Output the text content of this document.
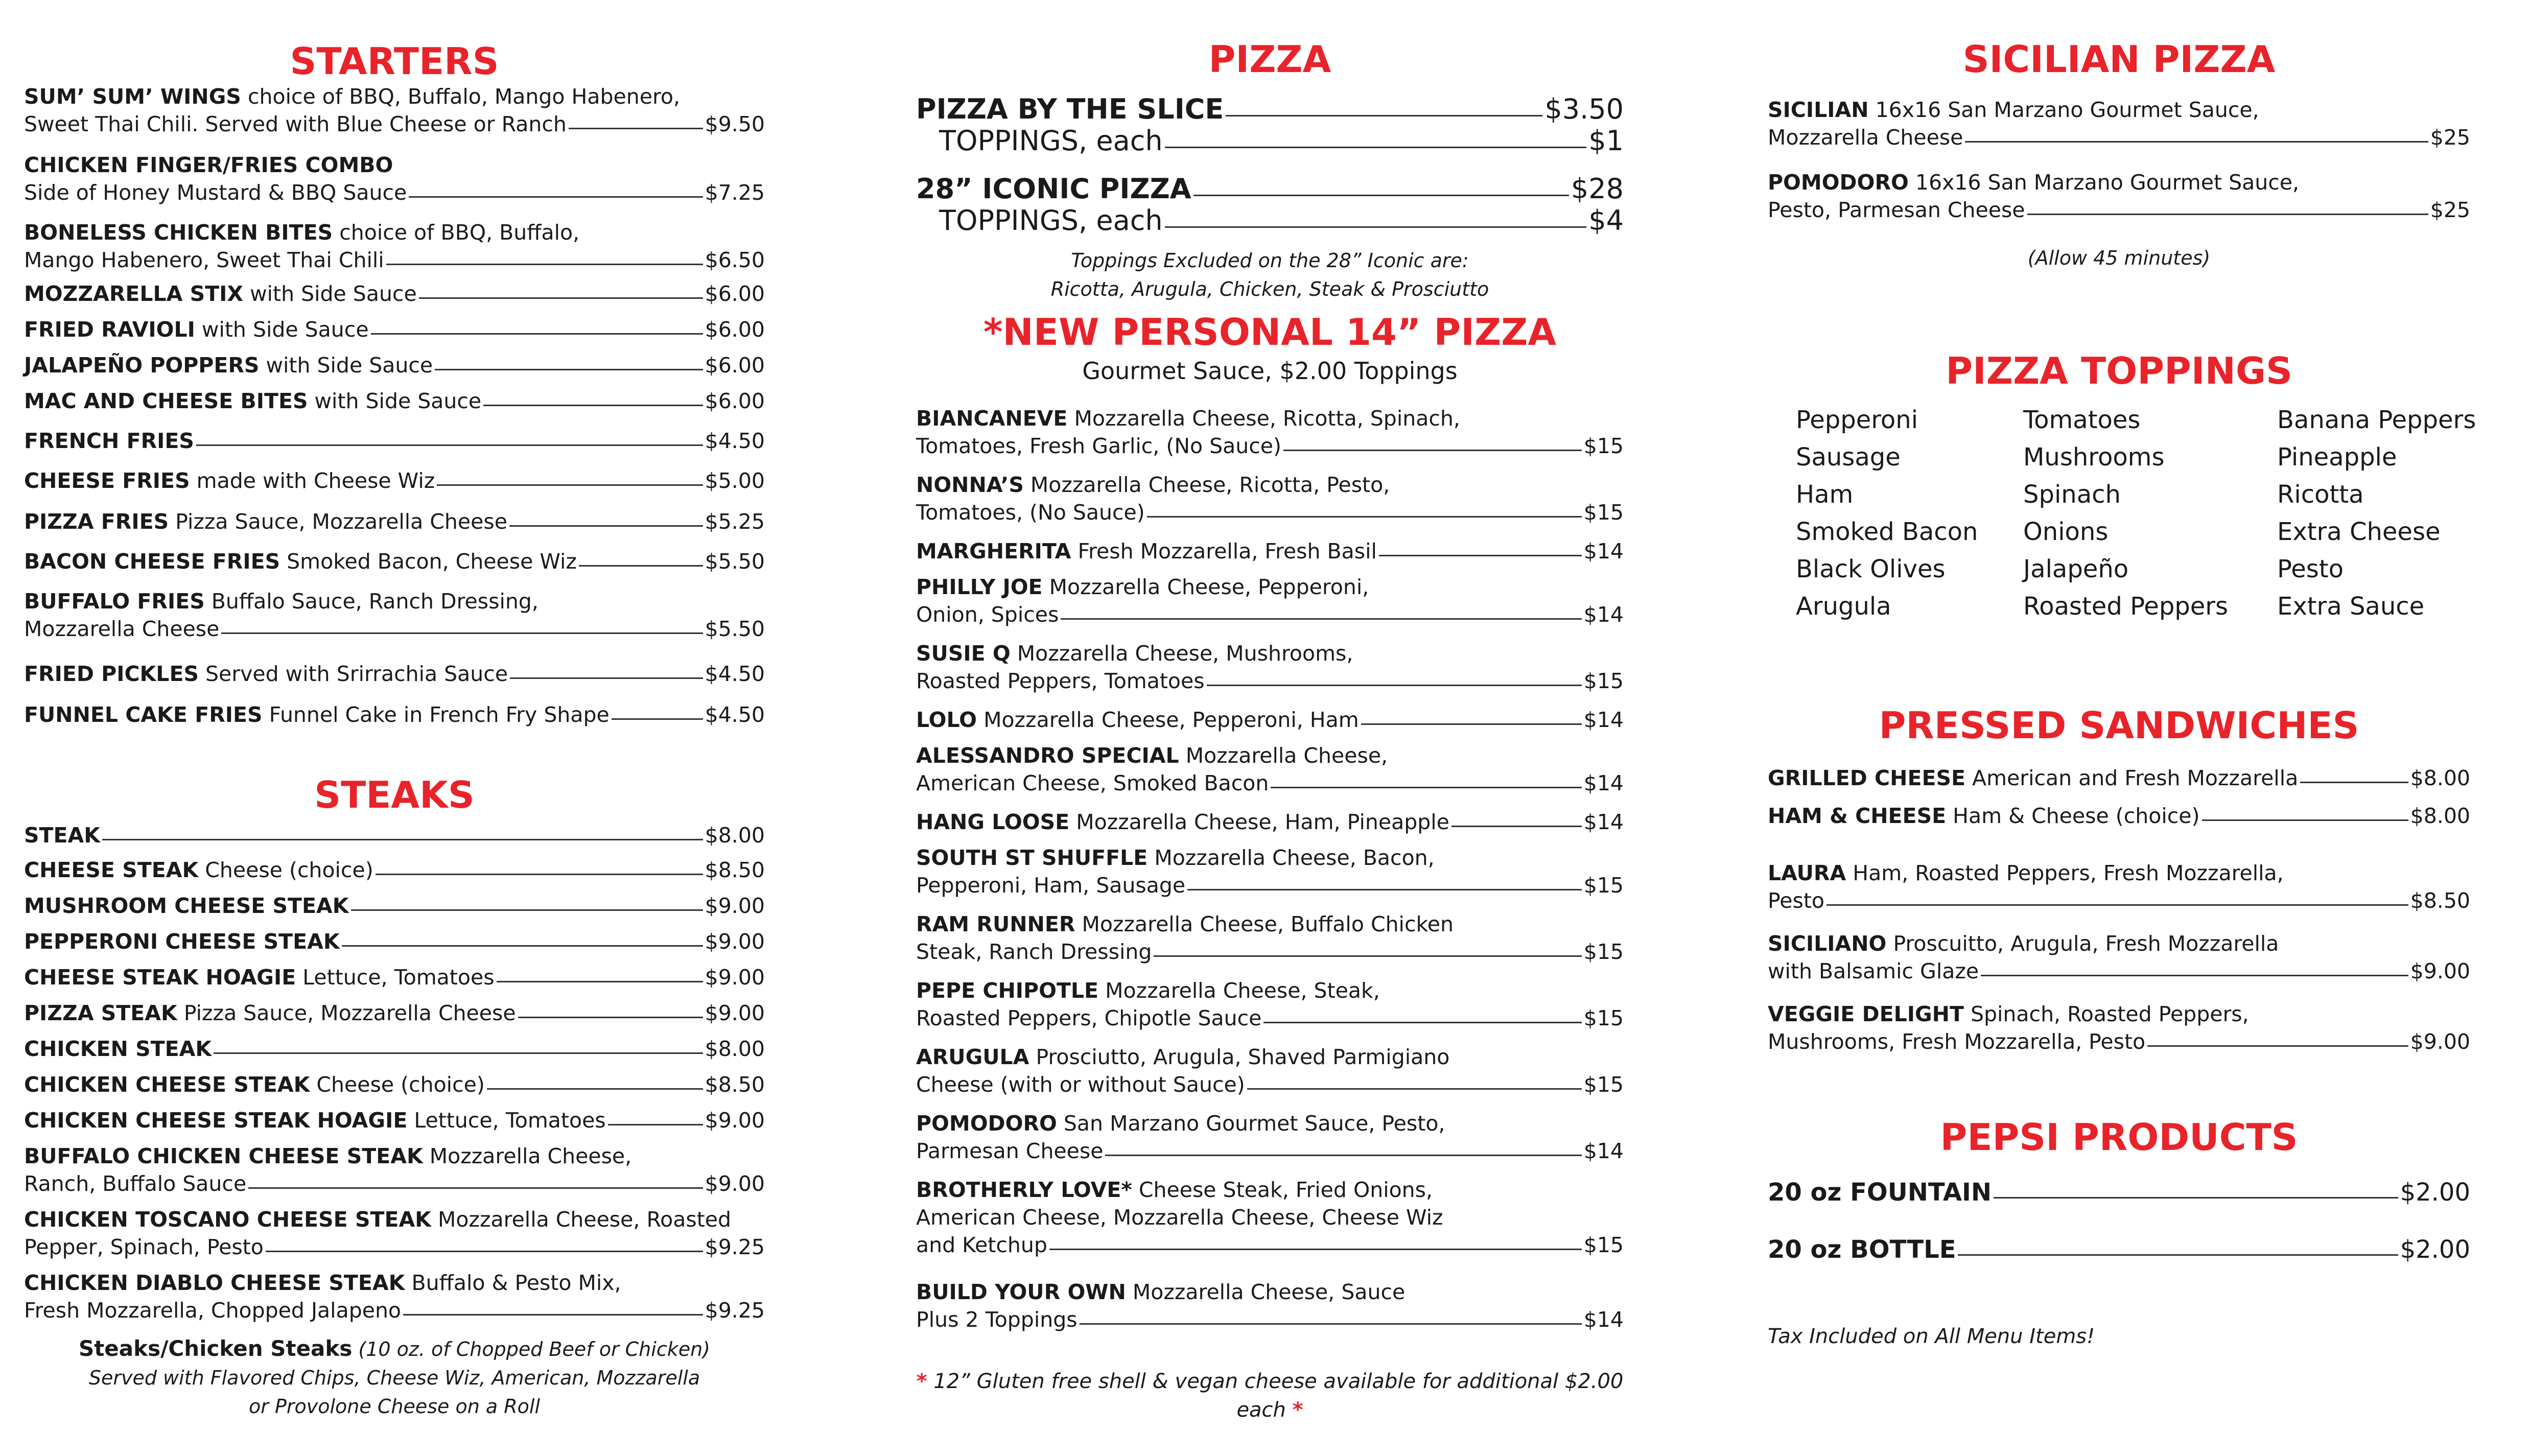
STARTERS
SUM’ SUM’ WINGS choice of BBQ, Buffalo, Mango Habenero,
Sweet Thai Chili. Served with Blue Cheese or Ranch	$9.50
CHICKEN FINGER/FRIES COMBO
Side of Honey Mustard & BBQ Sauce	$7.25
BONELESS CHICKEN BITES choice of BBQ, Buffalo,
Mango Habenero, Sweet Thai Chili	$6.50
MOZZARELLA STIX with Side Sauce	$6.00
FRIED RAVIOLI with Side Sauce	$6.00
JALAPEÑO POPPERS with Side Sauce	$6.00
MAC AND CHEESE BITES with Side Sauce	$6.00
FRENCH FRIES	$4.50
CHEESE FRIES made with Cheese Wiz	$5.00
PIZZA FRIES Pizza Sauce, Mozzarella Cheese	$5.25
BACON CHEESE FRIES Smoked Bacon, Cheese Wiz	$5.50
BUFFALO FRIES Buffalo Sauce, Ranch Dressing,
Mozzarella Cheese	$5.50
FRIED PICKLES Served with Srirrachia Sauce	$4.50
FUNNEL CAKE FRIES Funnel Cake in French Fry Shape	$4.50
STEAKS
STEAK	$8.00
CHEESE STEAK Cheese (choice)	$8.50
MUSHROOM CHEESE STEAK	$9.00
PEPPERONI CHEESE STEAK	$9.00
CHEESE STEAK HOAGIE Lettuce, Tomatoes	$9.00
PIZZA STEAK Pizza Sauce, Mozzarella Cheese	$9.00
CHICKEN STEAK	$8.00
CHICKEN CHEESE STEAK Cheese (choice)	$8.50
CHICKEN CHEESE STEAK HOAGIE Lettuce, Tomatoes	$9.00
BUFFALO CHICKEN CHEESE STEAK Mozzarella Cheese,
Ranch, Buffalo Sauce	$9.00
CHICKEN TOSCANO CHEESE STEAK Mozzarella Cheese, Roasted
Pepper, Spinach, Pesto	$9.25
CHICKEN DIABLO CHEESE STEAK Buffalo & Pesto Mix,
Fresh Mozzarella, Chopped Jalapeno	$9.25
Steaks/Chicken Steaks (10 oz. of Chopped Beef or Chicken)
Served with Flavored Chips, Cheese Wiz, American, Mozzarella
or Provolone Cheese on a Roll
PIZZA
PIZZA BY THE SLICE	$3.50
TOPPINGS, each	$1
28” ICONIC PIZZA	$28
TOPPINGS, each	$4
Toppings Excluded on the 28” Iconic are:
Ricotta, Arugula, Chicken, Steak & Prosciutto
*NEW PERSONAL 14” PIZZA
Gourmet Sauce, $2.00 Toppings
BIANCANEVE Mozzarella Cheese, Ricotta, Spinach,
Tomatoes, Fresh Garlic, (No Sauce)	$15
NONNA’S Mozzarella Cheese, Ricotta, Pesto,
Tomatoes, (No Sauce)	$15
MARGHERITA Fresh Mozzarella, Fresh Basil	$14
PHILLY JOE Mozzarella Cheese, Pepperoni,
Onion, Spices	$14
SUSIE Q Mozzarella Cheese, Mushrooms,
Roasted Peppers, Tomatoes	$15
LOLO Mozzarella Cheese, Pepperoni, Ham	$14
ALESSANDRO SPECIAL Mozzarella Cheese,
American Cheese, Smoked Bacon	$14
HANG LOOSE Mozzarella Cheese, Ham, Pineapple	$14
SOUTH ST SHUFFLE Mozzarella Cheese, Bacon,
Pepperoni, Ham, Sausage	$15
RAM RUNNER Mozzarella Cheese, Buffalo Chicken
Steak, Ranch Dressing	$15
PEPE CHIPOTLE Mozzarella Cheese, Steak,
Roasted Peppers, Chipotle Sauce	$15
ARUGULA Prosciutto, Arugula, Shaved Parmigiano
Cheese (with or without Sauce)	$15
POMODORO San Marzano Gourmet Sauce, Pesto,
Parmesan Cheese	$14
BROTHERLY LOVE* Cheese Steak, Fried Onions,
American Cheese, Mozzarella Cheese, Cheese Wiz
and Ketchup	$15
BUILD YOUR OWN Mozzarella Cheese, Sauce
Plus 2 Toppings	$14
* 12” Gluten free shell & vegan cheese available for additional $2.00 each *
SICILIAN PIZZA
SICILIAN 16x16 San Marzano Gourmet Sauce,
Mozzarella Cheese	$25
POMODORO 16x16 San Marzano Gourmet Sauce,
Pesto, Parmesan Cheese	$25
(Allow 45 minutes)
PIZZA TOPPINGS
Pepperoni
Sausage
Ham
Smoked Bacon
Black Olives
Arugula
Tomatoes
Mushrooms
Spinach
Onions
Jalapeño
Roasted Peppers
Banana Peppers
Pineapple
Ricotta
Extra Cheese
Pesto
Extra Sauce
PRESSED SANDWICHES
GRILLED CHEESE American and Fresh Mozzarella	$8.00
HAM & CHEESE Ham & Cheese (choice)	$8.00
LAURA Ham, Roasted Peppers, Fresh Mozzarella,
Pesto	$8.50
SICILIANO Proscuitto, Arugula, Fresh Mozzarella
with Balsamic Glaze	$9.00
VEGGIE DELIGHT Spinach, Roasted Peppers,
Mushrooms, Fresh Mozzarella, Pesto	$9.00
PEPSI PRODUCTS
20 oz FOUNTAIN	$2.00
20 oz BOTTLE	$2.00
Tax Included on All Menu Items!
